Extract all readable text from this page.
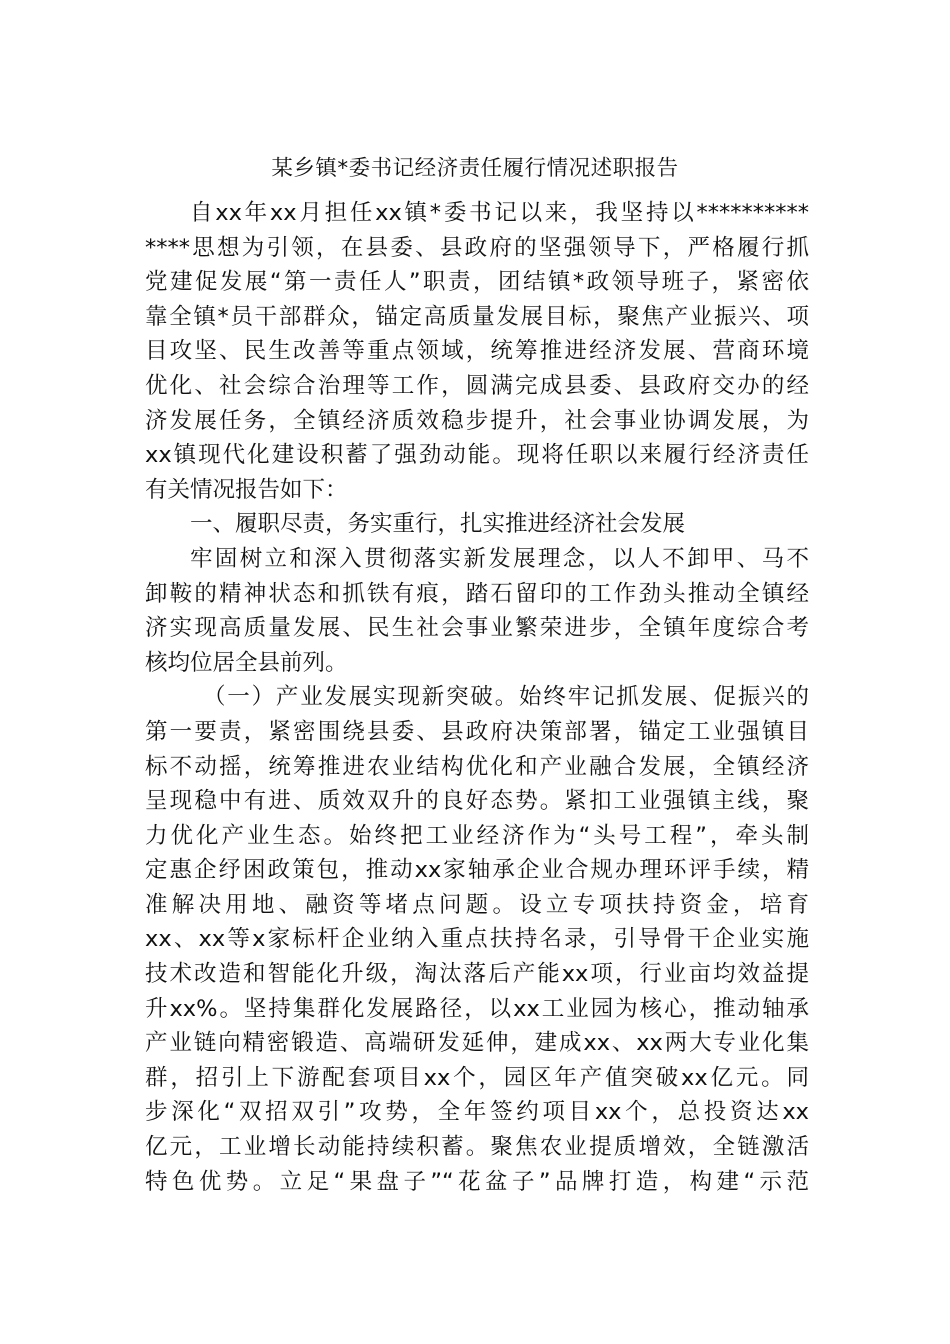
某乡镇*委书记经济责任履行情况述职报告
自xx年xx月担任xx镇*委书记以来，我坚持以**********
****思想为引领，在县委、县政府的坚强领导下，严格履行抓
党建促发展“第一责任人”职责，团结镇*政领导班子，紧密依
靠全镇*员干部群众，锚定高质量发展目标，聚焦产业振兴、项
目攻坚、民生改善等重点领域，统筹推进经济发展、营商环境
优化、社会综合治理等工作，圆满完成县委、县政府交办的经
济发展任务，全镇经济质效稳步提升，社会事业协调发展，为
xx镇现代化建设积蓄了强劲动能。现将任职以来履行经济责任
有关情况报告如下：
一、履职尽责，务实重行，扎实推进经济社会发展
牢固树立和深入贯彻落实新发展理念，以人不卸甲、马不
卸鞍的精神状态和抓铁有痕，踏石留印的工作劲头推动全镇经
济实现高质量发展、民生社会事业繁荣进步，全镇年度综合考
核均位居全县前列。
（一）产业发展实现新突破。始终牢记抓发展、促振兴的
第一要责，紧密围绕县委、县政府决策部署，锚定工业强镇目
标不动摇，统筹推进农业结构优化和产业融合发展，全镇经济
呈现稳中有进、质效双升的良好态势。紧扣工业强镇主线，聚
力优化产业生态。始终把工业经济作为“头号工程”，牵头制
定惠企纾困政策包，推动xx家轴承企业合规办理环评手续，精
准解决用地、融资等堵点问题。设立专项扶持资金，培育
xx、xx等x家标杆企业纳入重点扶持名录，引导骨干企业实施
技术改造和智能化升级，淘汰落后产能xx项，行业亩均效益提
升xx%。坚持集群化发展路径，以xx工业园为核心，推动轴承
产业链向精密锻造、高端研发延伸，建成xx、xx两大专业化集
群，招引上下游配套项目xx个，园区年产值突破xx亿元。同
步深化“双招双引”攻势，全年签约项目xx个，总投资达xx
亿元，工业增长动能持续积蓄。聚焦农业提质增效，全链激活
特色优势。立足“果盘子”“花盆子”品牌打造，构建“示范
